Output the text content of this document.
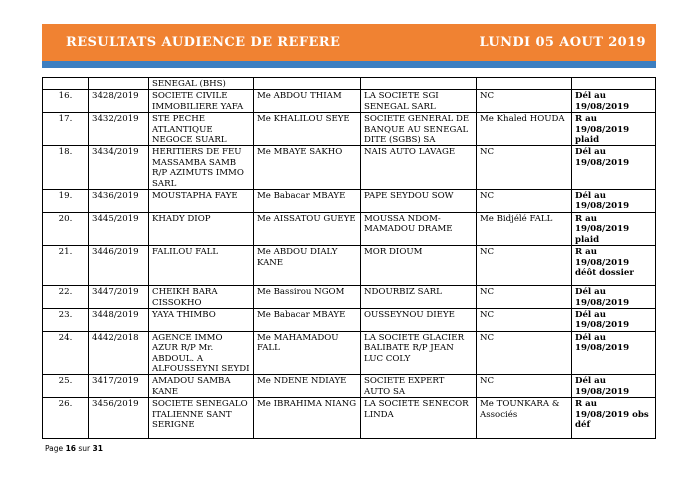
RESULTATS AUDIENCE DE REFERE	LUNDI 05 AOUT 2019
		SENEGAL (BHS)				
16.	3428/2019	SOCIETE CIVILE IMMOBILIERE YAFA	Me ABDOU THIAM	LA SOCIETE SGI SENEGAL SARL	NC	Dél au 19/08/2019
17.	3432/2019	STE PECHE ATLANTIQUE NEGOCE SUARL	Me KHALILOU SEYE	SOCIETE GENERAL DE BANQUE AU SENEGAL DITE (SGBS) SA	Me Khaled HOUDA	R au 19/08/2019 plaid
18.	3434/2019	HERITIERS DE FEU MASSAMBA SAMB R/P AZIMUTS IMMO SARL	Me MBAYE SAKHO	NAIS AUTO LAVAGE	NC	Dél au 19/08/2019
19.	3436/2019	MOUSTAPHA FAYE	Me Babacar MBAYE	PAPE SEYDOU SOW	NC	Dél au 19/08/2019
20.	3445/2019	KHADY DIOP	Me AISSATOU GUEYE	MOUSSA NDOM- MAMADOU DRAME	Me Bidjélé FALL	R au 19/08/2019 plaid
21.	3446/2019	FALILOU FALL	Me ABDOU DIALY KANE	MOR DIOUM	NC	R au 19/08/2019 déôt dossier
22.	3447/2019	CHEIKH BARA CISSOKHO	Me Bassirou NGOM	NDOURBIZ SARL	NC	Dél au 19/08/2019
23.	3448/2019	YAYA THIMBO	Me Babacar MBAYE	OUSSEYNOU DIEYE	NC	Dél au 19/08/2019
24.	4442/2018	AGENCE IMMO AZUR R/P Mr. ABDOUL. A ALFOUSSEYNI SEYDI	Me MAHAMADOU FALL	LA SOCIETE GLACIER BALIBATE R/P JEAN LUC COLY	NC	Dél au 19/08/2019
25.	3417/2019	AMADOU SAMBA KANE	Me NDENE NDIAYE	SOCIETE EXPERT AUTO SA	NC	Dél au 19/08/2019
26.	3456/2019	SOCIETE SENEGALO ITALIENNE SANT SERIGNE	Me IBRAHIMA NIANG	LA SOCIETE SENECOR LINDA	Me TOUNKARA & Associés	R au 19/08/2019 obs déf
Page 16 sur 31
